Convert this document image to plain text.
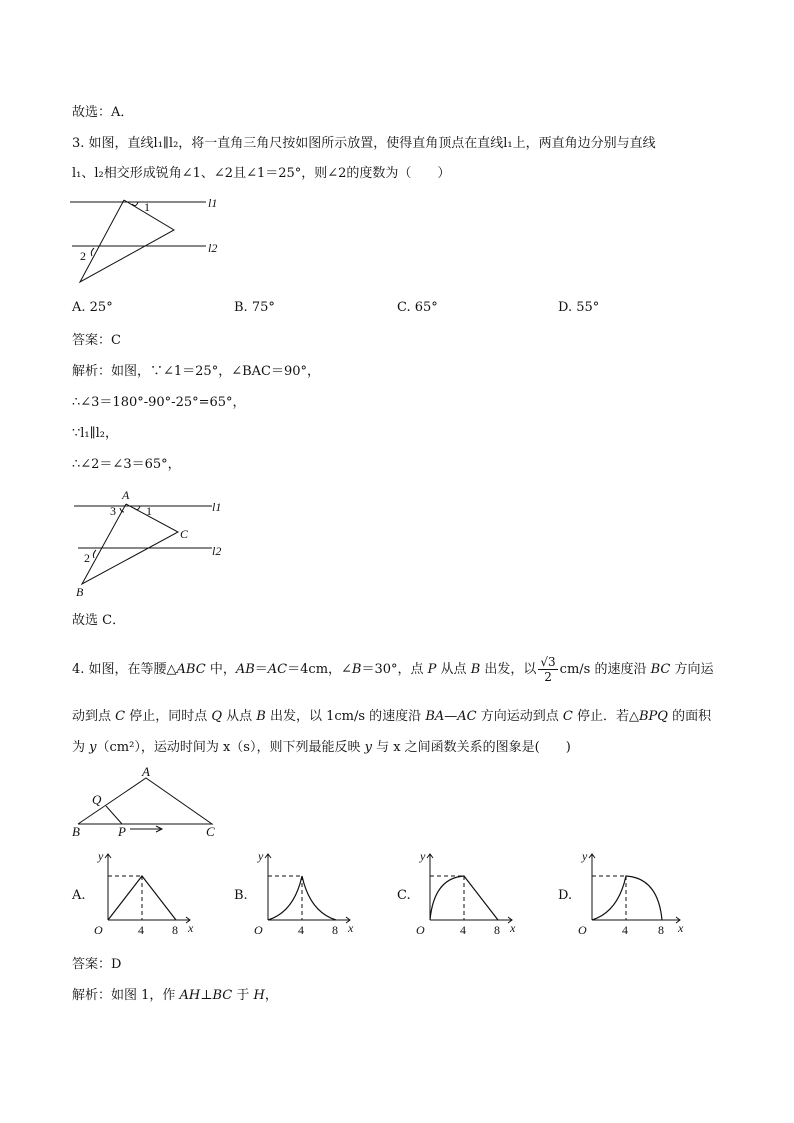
故选：A．
3. 如图，直线l₁∥l₂，将一直角三角尺按如图所示放置，使得直角顶点在直线l₁上，两直角边分别与直线
l₁、l₂相交形成锐角∠1、∠2且∠1＝25°，则∠2的度数为（　　）
l1
l2
1
2
A. 25°	B. 75°	C. 65°	D. 55°
答案：C
解析：如图，∵∠1＝25°，∠BAC＝90°，
∴∠3＝180°-90°-25°=65°，
∵l₁∥l₂，
∴∠2＝∠3＝65°，
A
B
C
l1
l2
1
3
2
故选 C．
4. 如图，在等腰△ABC 中，AB＝AC＝4cm，∠B＝30°，点 P 从点 B 出发，以 $\frac{√3}{2} cm/s$ 的速度沿 BC 方向运
动到点 C 停止，同时点 Q 从点 B 出发，以 1cm/s 的速度沿 BA—AC 方向运动到点 C 停止．若△BPQ 的面积
为 y（cm²），运动时间为 x（s），则下列最能反映 y 与 x 之间函数关系的图象是(　　)
A
B	C
P
Q
A.	B.	C.	D.
y
x
O	4 8
y
x
O	4 8
y
x
O	4 8
y
x
O	4	8
答案：D
解析：如图 1，作 AH⊥BC 于 H，
